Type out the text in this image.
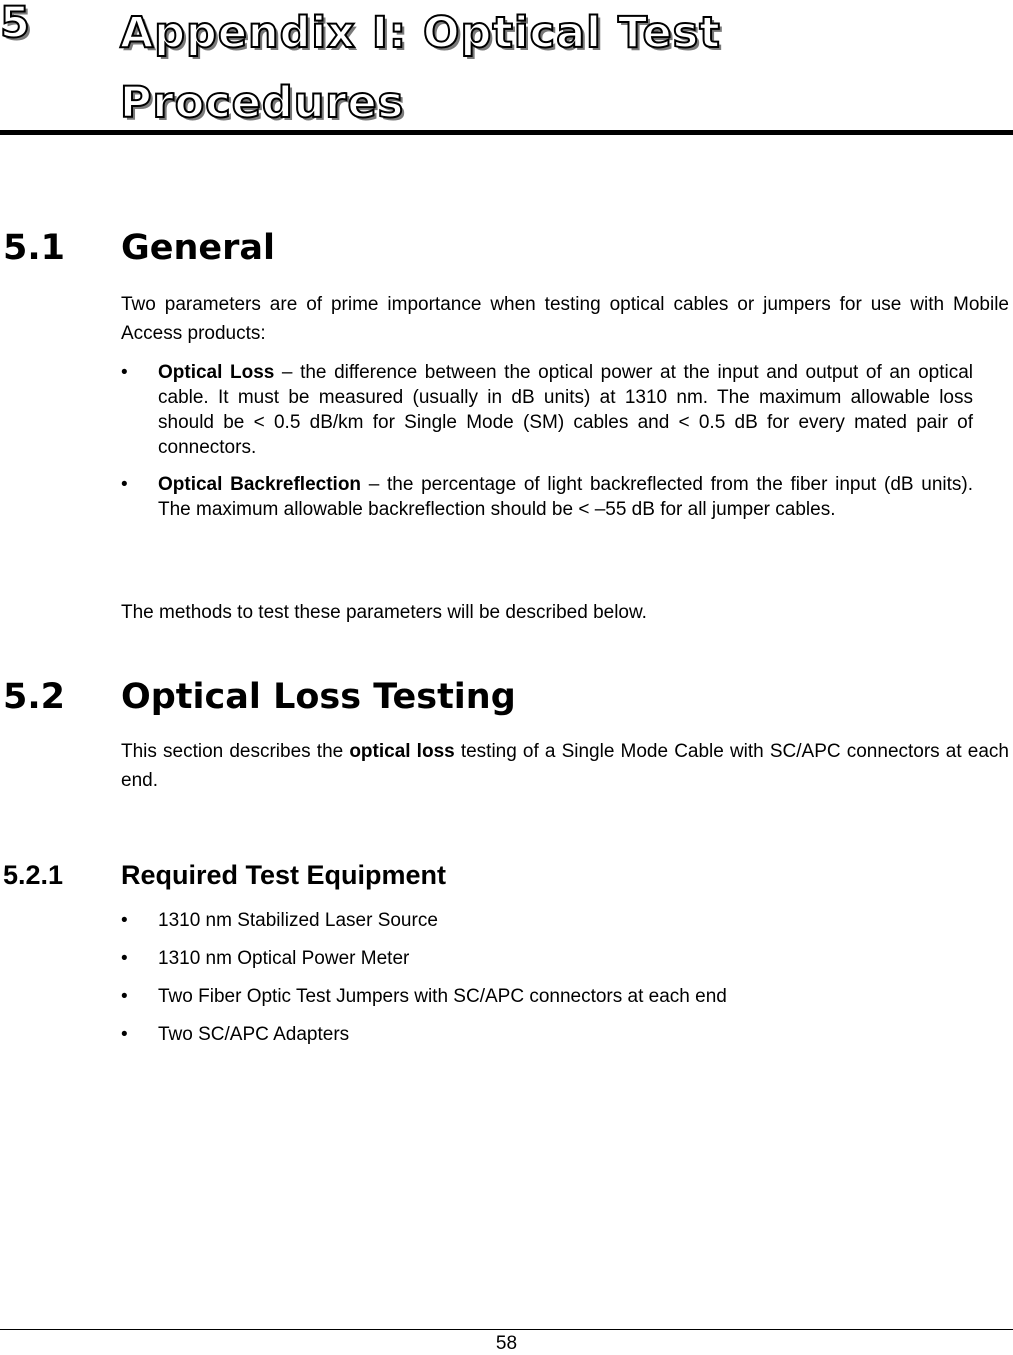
5 Appendix I: Optical Test Procedures
5.1 General
Two parameters are of prime importance when testing optical cables or jumpers for use with Mobile Access products:
• Optical Loss – the difference between the optical power at the input and output of an optical cable. It must be measured (usually in dB units) at 1310 nm. The maximum allowable loss should be < 0.5 dB/km for Single Mode (SM) cables and < 0.5 dB for every mated pair of connectors.
• Optical Backreflection – the percentage of light backreflected from the fiber input (dB units). The maximum allowable backreflection should be < –55 dB for all jumper cables.
The methods to test these parameters will be described below.
5.2 Optical Loss Testing
This section describes the optical loss testing of a Single Mode Cable with SC/APC connectors at each end.
5.2.1 Required Test Equipment
• 1310 nm Stabilized Laser Source
• 1310 nm Optical Power Meter
• Two Fiber Optic Test Jumpers with SC/APC connectors at each end
• Two SC/APC Adapters
58
